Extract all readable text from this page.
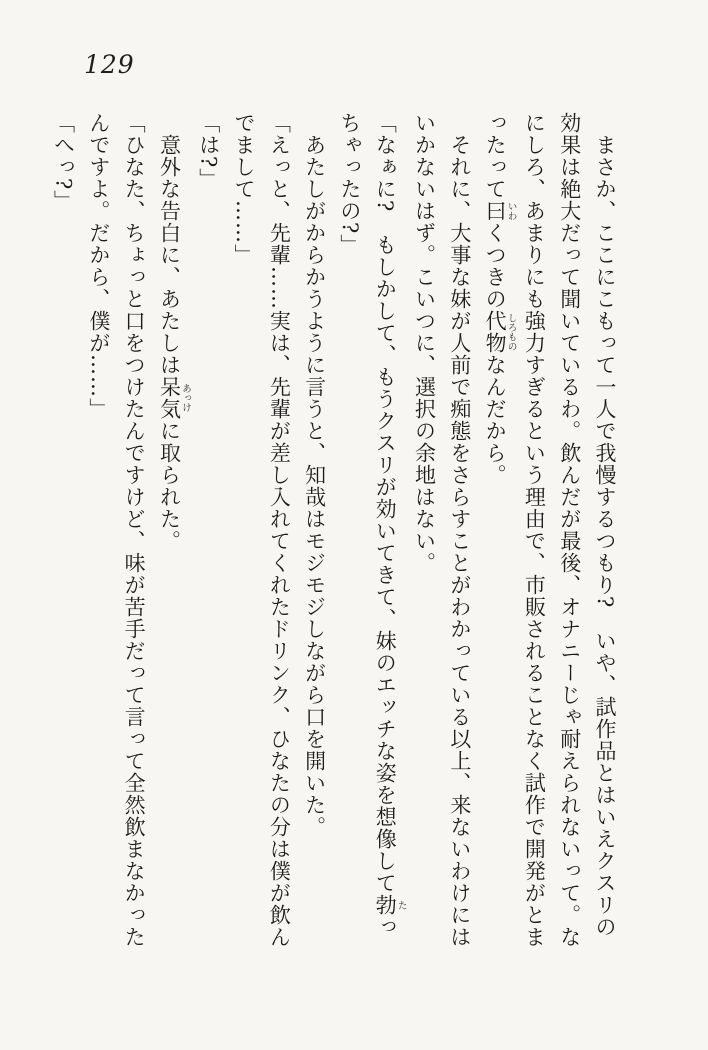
129

まさか、ここにこもって一人で我慢するつもり?　いや、試作品とはいえクスリの

効果は絶大だって聞いているわ。飲んだが最後、オナニーじゃ耐えられないって。な

にしろ、あまりにも強力すぎるという理由で、市販されることなく試作で開発がとま

ったって曰いわくつきの代物しろものなんだから。

それに、大事な妹が人前で痴態をさらすことがわかっている以上、来ないわけには

いかないはず。こいつに、選択の余地はない。

「なぁに?　もしかして、もうクスリが効いてきて、妹のエッチな姿を想像して勃たっ

ちゃったの?」

あたしがからかうように言うと、知哉はモジモジしながら口を開いた。

「えっと、先輩……実は、先輩が差し入れてくれたドリンク、ひなたの分は僕が飲ん

でまして……」

「は?」

意外な告白に、あたしは呆気あっけに取られた。

「ひなた、ちょっと口をつけたんですけど、味が苦手だって言って全然飲まなかった

んですよ。だから、僕が……」

「へっ?」
